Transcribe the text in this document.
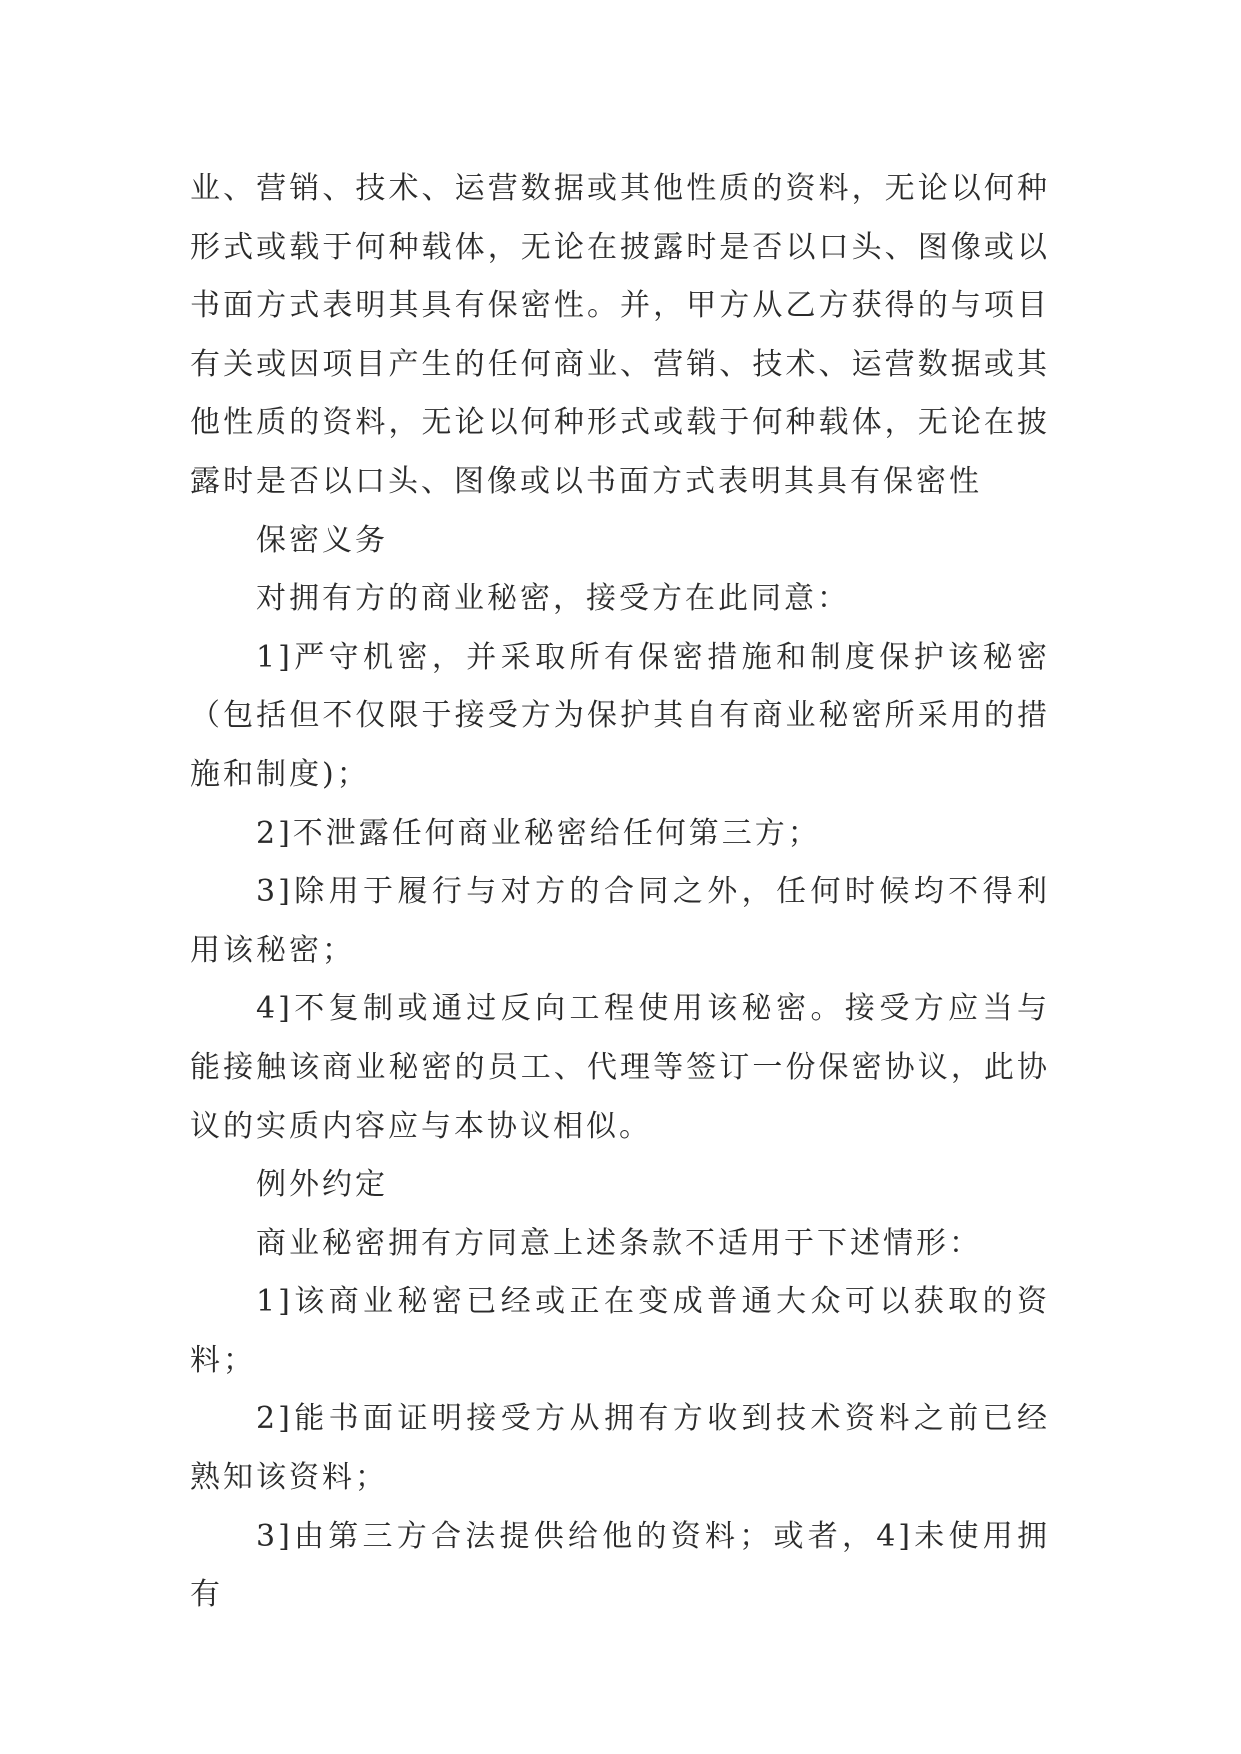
业、营销、技术、运营数据或其他性质的资料，无论以何种形式或载于何种载体，无论在披露时是否以口头、图像或以书面方式表明其具有保密性。并，甲方从乙方获得的与项目有关或因项目产生的任何商业、营销、技术、运营数据或其他性质的资料，无论以何种形式或载于何种载体，无论在披露时是否以口头、图像或以书面方式表明其具有保密性

保密义务

对拥有方的商业秘密，接受方在此同意：

1]严守机密，并采取所有保密措施和制度保护该秘密（包括但不仅限于接受方为保护其自有商业秘密所采用的措施和制度)；

2]不泄露任何商业秘密给任何第三方；

3]除用于履行与对方的合同之外，任何时候均不得利用该秘密；

4]不复制或通过反向工程使用该秘密。接受方应当与能接触该商业秘密的员工、代理等签订一份保密协议，此协议的实质内容应与本协议相似。

例外约定

商业秘密拥有方同意上述条款不适用于下述情形：

1]该商业秘密已经或正在变成普通大众可以获取的资料；

2]能书面证明接受方从拥有方收到技术资料之前已经熟知该资料；

3]由第三方合法提供给他的资料；或者，4]未使用拥有
